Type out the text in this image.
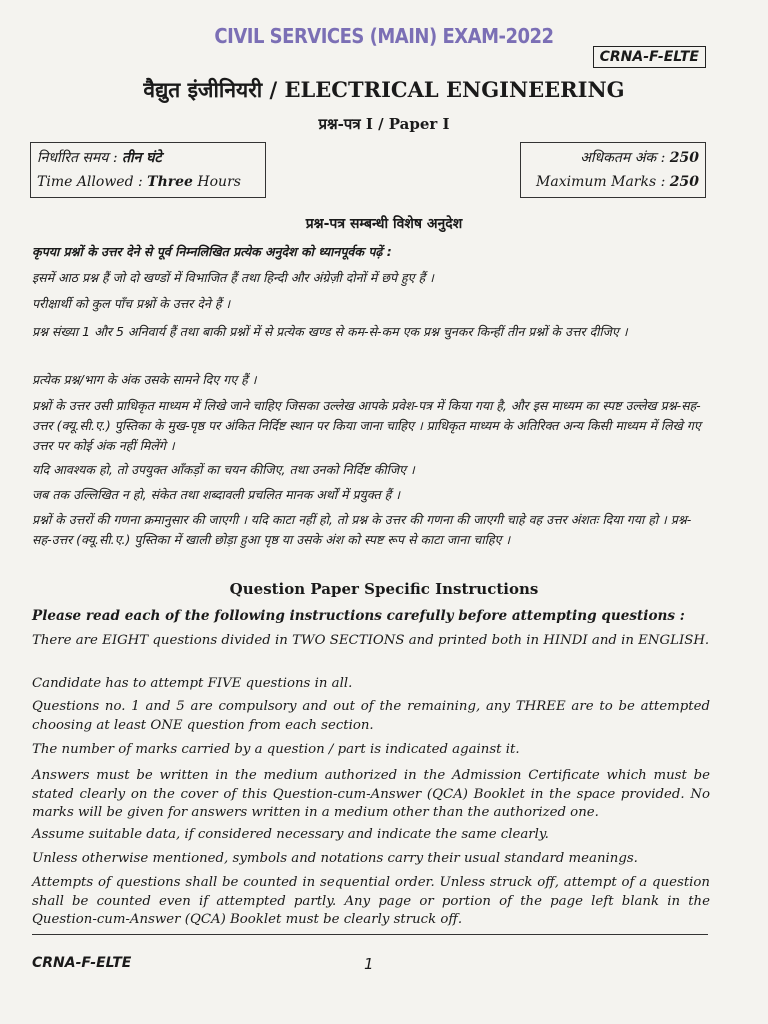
CIVIL SERVICES (MAIN) EXAM-2022
CRNA-F-ELTE
वैद्युत इंजीनियरी / ELECTRICAL ENGINEERING
प्रश्न-पत्र I / Paper I
निर्धारित समय : तीन घंटे
Time Allowed : Three Hours
अधिकतम अंक : 250
Maximum Marks : 250
प्रश्न-पत्र सम्बन्धी विशेष अनुदेश
कृपया प्रश्नों के उत्तर देने से पूर्व निम्नलिखित प्रत्येक अनुदेश को ध्यानपूर्वक पढ़ें :
इसमें आठ प्रश्न हैं जो दो खण्डों में विभाजित हैं तथा हिन्दी और अंग्रेज़ी दोनों में छपे हुए हैं ।
परीक्षार्थी को कुल पाँच प्रश्नों के उत्तर देने हैं ।
प्रश्न संख्या 1 और 5 अनिवार्य हैं तथा बाकी प्रश्नों में से प्रत्येक खण्ड से कम-से-कम एक प्रश्न चुनकर किन्हीं तीन प्रश्नों के उत्तर दीजिए ।
प्रत्येक प्रश्न/भाग के अंक उसके सामने दिए गए हैं ।
प्रश्नों के उत्तर उसी प्राधिकृत माध्यम में लिखे जाने चाहिए जिसका उल्लेख आपके प्रवेश-पत्र में किया गया है, और इस माध्यम का स्पष्ट उल्लेख प्रश्न-सह-उत्तर (क्यू.सी.ए.) पुस्तिका के मुख-पृष्ठ पर अंकित निर्दिष्ट स्थान पर किया जाना चाहिए । प्राधिकृत माध्यम के अतिरिक्त अन्य किसी माध्यम में लिखे गए उत्तर पर कोई अंक नहीं मिलेंगे ।
यदि आवश्यक हो, तो उपयुक्त आँकड़ों का चयन कीजिए, तथा उनको निर्दिष्ट कीजिए ।
जब तक उल्लिखित न हो, संकेत तथा शब्दावली प्रचलित मानक अर्थों में प्रयुक्त हैं ।
प्रश्नों के उत्तरों की गणना क्रमानुसार की जाएगी । यदि काटा नहीं हो, तो प्रश्न के उत्तर की गणना की जाएगी चाहे वह उत्तर अंशतः दिया गया हो । प्रश्न-सह-उत्तर (क्यू.सी.ए.) पुस्तिका में खाली छोड़ा हुआ पृष्ठ या उसके अंश को स्पष्ट रूप से काटा जाना चाहिए ।
Question Paper Specific Instructions
Please read each of the following instructions carefully before attempting questions :
There are EIGHT questions divided in TWO SECTIONS and printed both in HINDI and in ENGLISH.
Candidate has to attempt FIVE questions in all.
Questions no. 1 and 5 are compulsory and out of the remaining, any THREE are to be attempted choosing at least ONE question from each section.
The number of marks carried by a question / part is indicated against it.
Answers must be written in the medium authorized in the Admission Certificate which must be stated clearly on the cover of this Question-cum-Answer (QCA) Booklet in the space provided. No marks will be given for answers written in a medium other than the authorized one.
Assume suitable data, if considered necessary and indicate the same clearly.
Unless otherwise mentioned, symbols and notations carry their usual standard meanings.
Attempts of questions shall be counted in sequential order. Unless struck off, attempt of a question shall be counted even if attempted partly. Any page or portion of the page left blank in the Question-cum-Answer (QCA) Booklet must be clearly struck off.
CRNA-F-ELTE	1
